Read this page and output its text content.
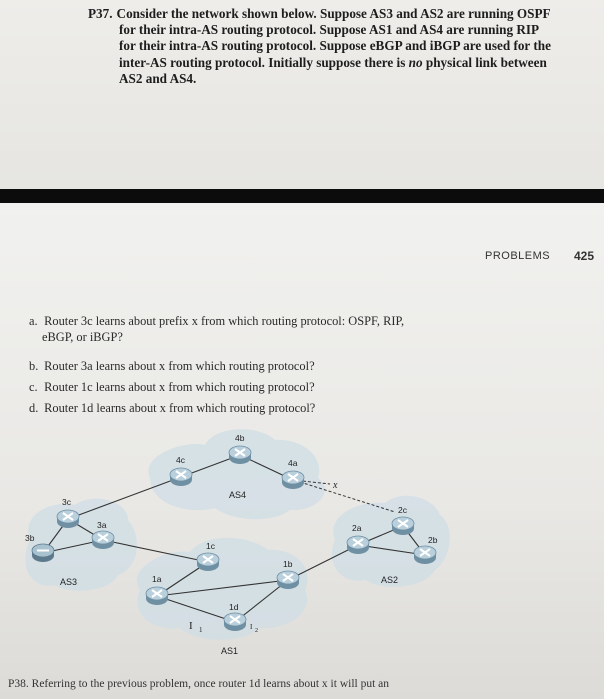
P37. Consider the network shown below. Suppose AS3 and AS2 are running OSPF
for their intra-AS routing protocol. Suppose AS1 and AS4 are running RIP
for their intra-AS routing protocol. Suppose eBGP and iBGP are used for the
inter-AS routing protocol. Initially suppose there is no physical link between
AS2 and AS4.
PROBLEMS 425
a. Router 3c learns about prefix x from which routing protocol: OSPF, RIP,
eBGP, or iBGP?
b. Router 3a learns about x from which routing protocol?
c. Router 1c learns about x from which routing protocol?
d. Router 1d learns about x from which routing protocol?
4b
4c	4a
3c
3a
3b
1c
1a
1b
1d
2c
2a
2b
AS4
AS3	AS2
AS1
x
I 1	I 2
P38. Referring to the previous problem, once router 1d learns about x it will put an
